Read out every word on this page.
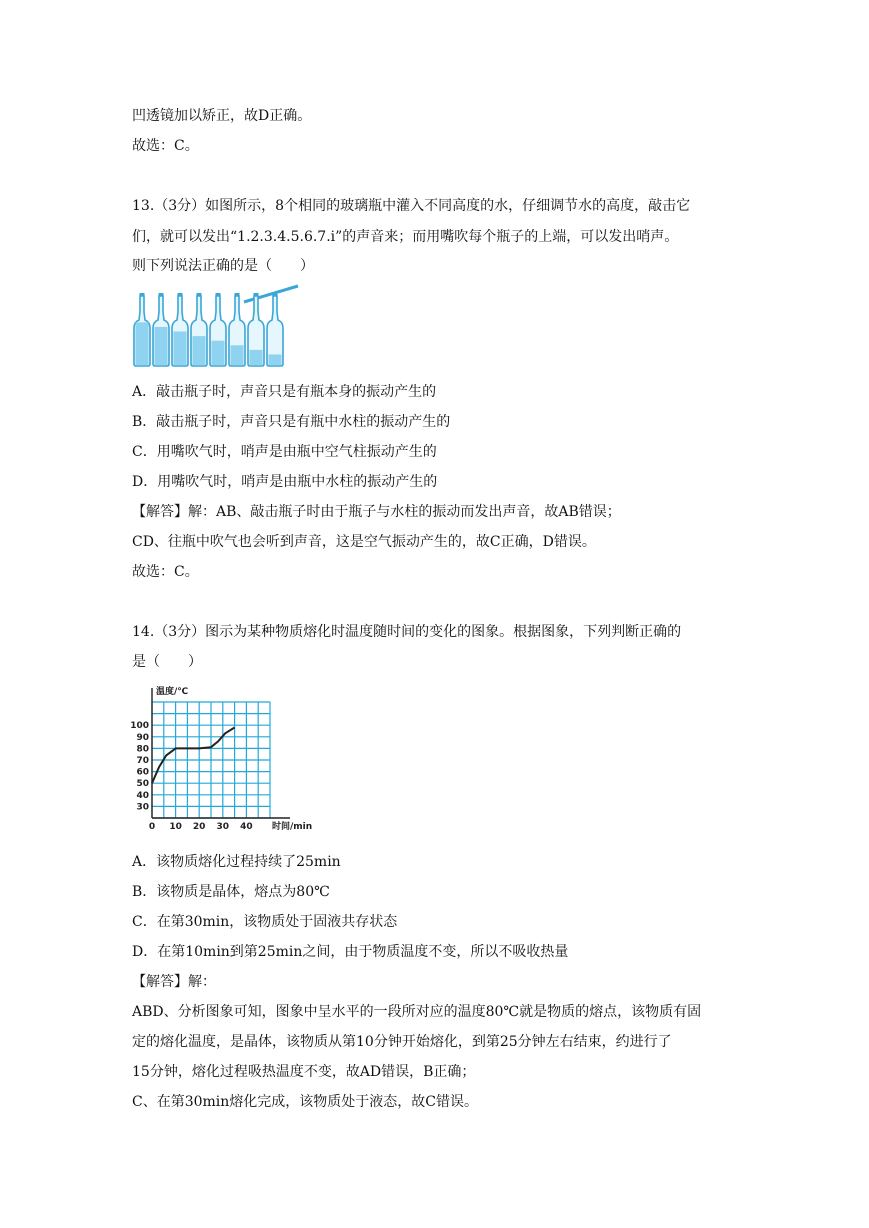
凹透镜加以矫正，故D正确。
故选：C。
13.（3分）如图所示，8个相同的玻璃瓶中灌入不同高度的水，仔细调节水的高度，敲击它
们，就可以发出“1.2.3.4.5.6.7.i”的声音来；而用嘴吹每个瓶子的上端，可以发出哨声。
则下列说法正确的是（　　）
A．敲击瓶子时，声音只是有瓶本身的振动产生的
B．敲击瓶子时，声音只是有瓶中水柱的振动产生的
C．用嘴吹气时，哨声是由瓶中空气柱振动产生的
D．用嘴吹气时，哨声是由瓶中水柱的振动产生的
【解答】解：AB、敲击瓶子时由于瓶子与水柱的振动而发出声音，故AB错误；
CD、往瓶中吹气也会听到声音，这是空气振动产生的，故C正确，D错误。
故选：C。
14.（3分）图示为某种物质熔化时温度随时间的变化的图象。根据图象，下列判断正确的
是（　　）
0 10 20 30 40
30
40
50
60
70
80
90
100
温度/℃
时间/min
A．该物质熔化过程持续了25min
B．该物质是晶体，熔点为80℃
C．在第30min，该物质处于固液共存状态
D．在第10min到第25min之间，由于物质温度不变，所以不吸收热量
【解答】解：
ABD、分析图象可知，图象中呈水平的一段所对应的温度80℃就是物质的熔点，该物质有固
定的熔化温度，是晶体，该物质从第10分钟开始熔化，到第25分钟左右结束，约进行了
15分钟，熔化过程吸热温度不变，故AD错误，B正确；
C、在第30min熔化完成，该物质处于液态，故C错误。
